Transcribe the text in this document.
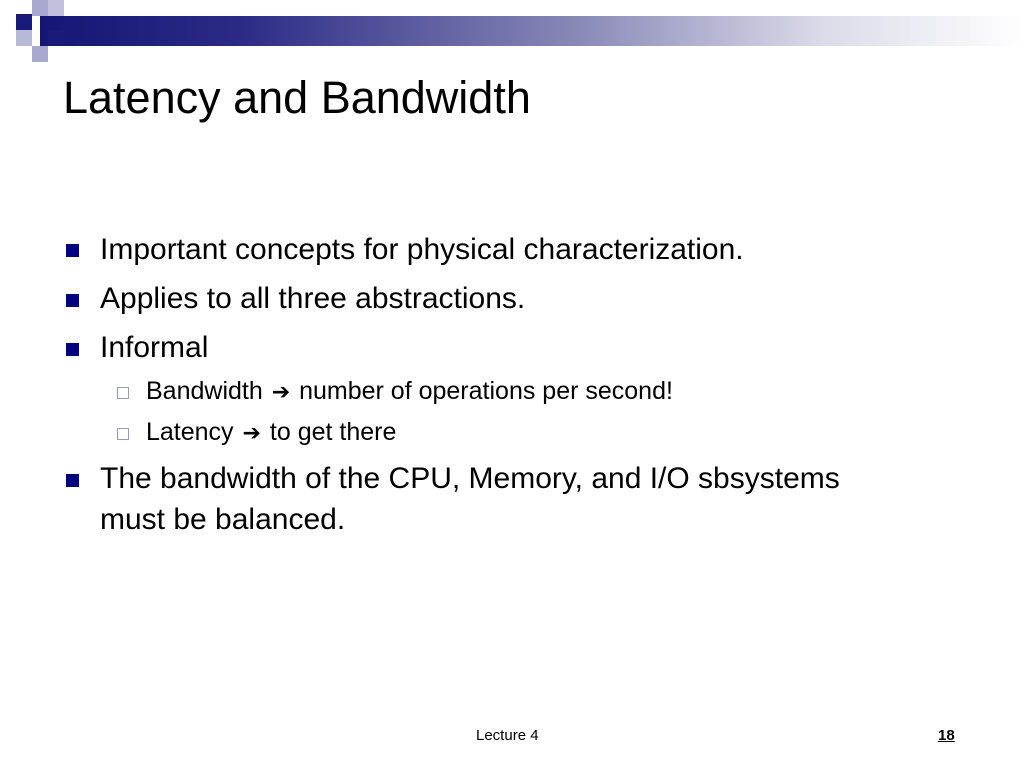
Latency and Bandwidth
Important concepts for physical characterization.
Applies to all three abstractions.
Informal
Bandwidth ➔ number of operations per second!
Latency ➔ to get there
The bandwidth of the CPU, Memory, and I/O sbsystems
must be balanced.
Lecture 4	18
